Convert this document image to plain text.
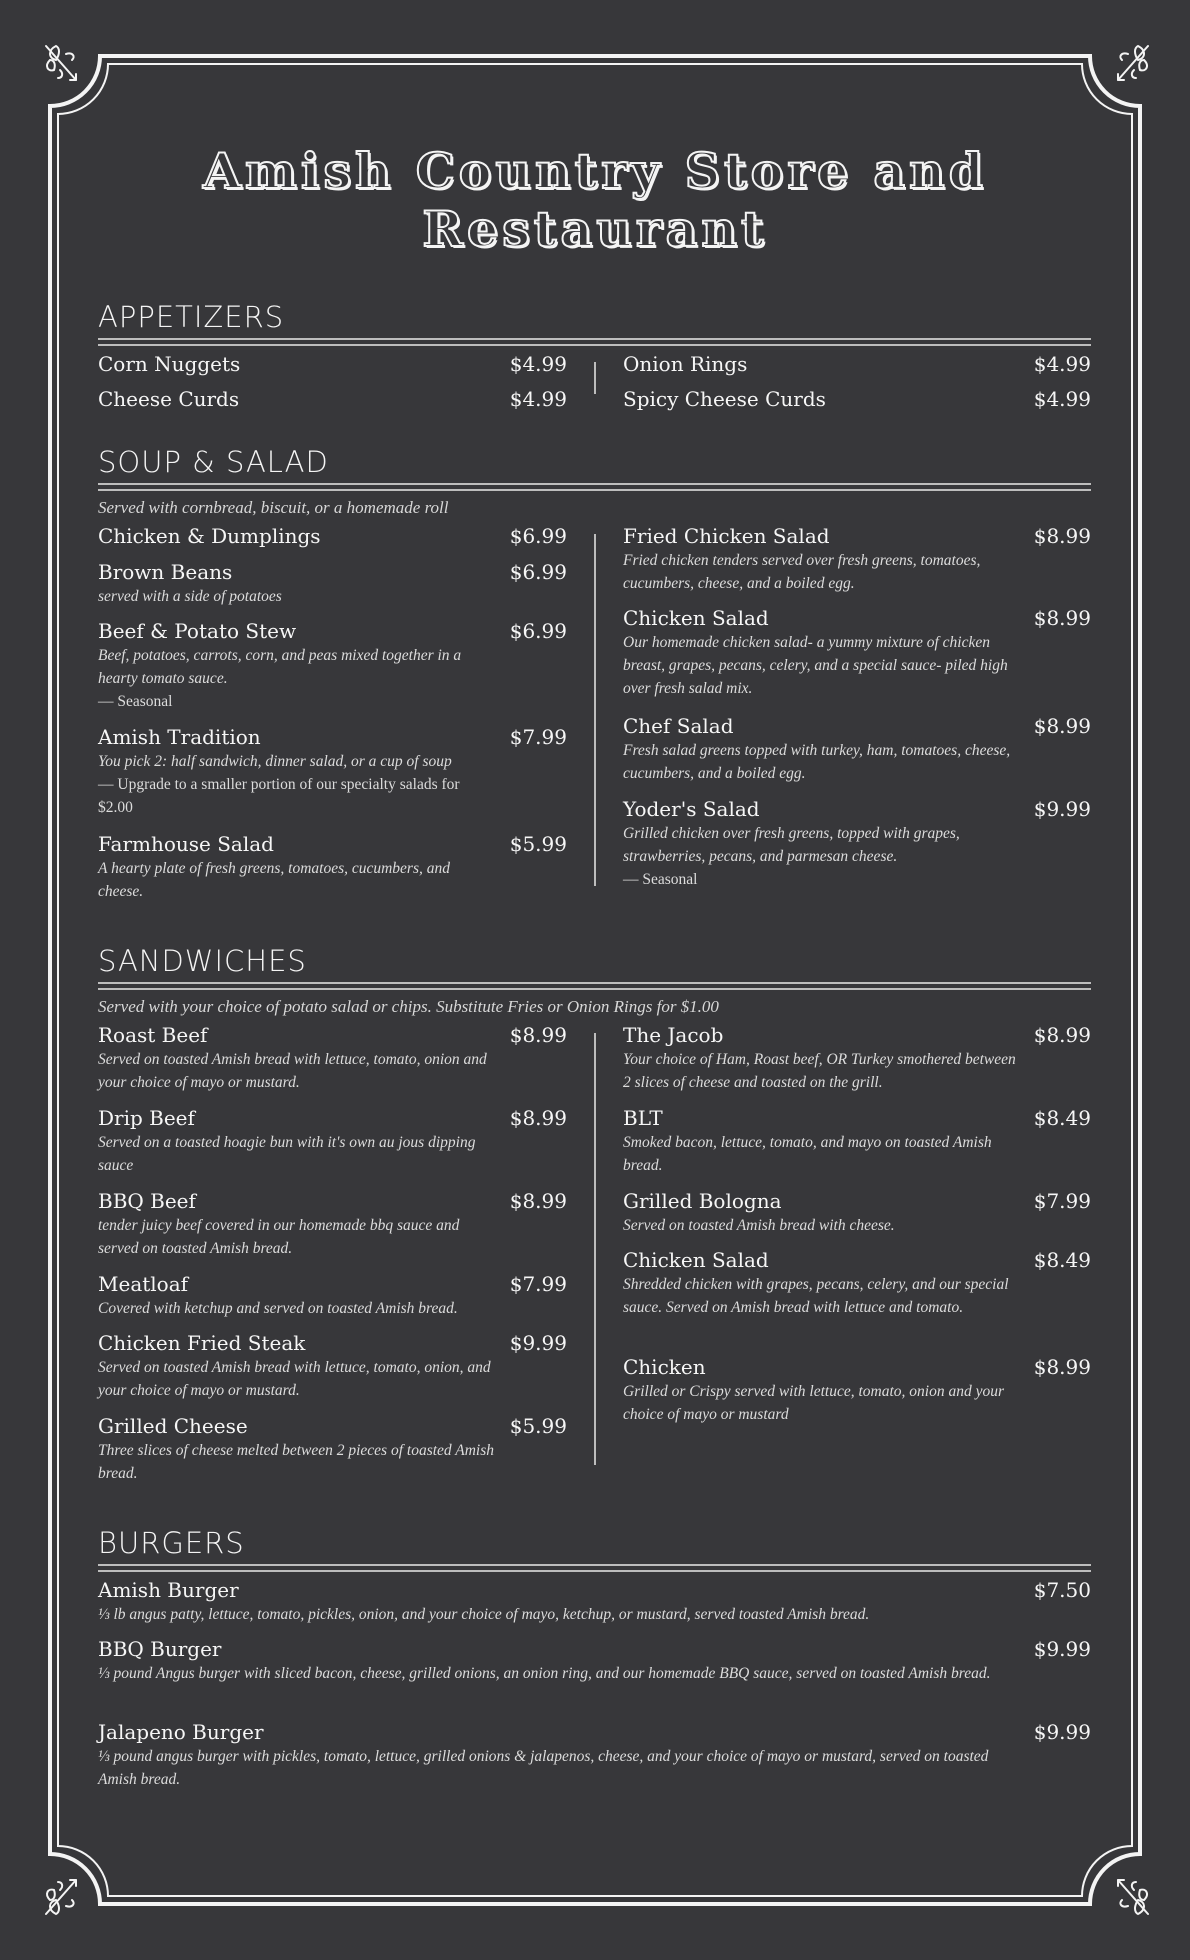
Amish Country Store and Restaurant
APPETIZERS
Corn Nuggets	$4.99
Cheese Curds	$4.99
Onion Rings	$4.99
Spicy Cheese Curds	$4.99
SOUP & SALAD
Served with cornbread, biscuit, or a homemade roll
Chicken & Dumplings	$6.99
Brown Beans	$6.99
served with a side of potatoes
Beef & Potato Stew	$6.99
Beef, potatoes, carrots, corn, and peas mixed together in a hearty tomato sauce.
— Seasonal
Amish Tradition	$7.99
You pick 2: half sandwich, dinner salad, or a cup of soup
— Upgrade to a smaller portion of our specialty salads for $2.00
Farmhouse Salad	$5.99
A hearty plate of fresh greens, tomatoes, cucumbers, and cheese.
Fried Chicken Salad	$8.99
Fried chicken tenders served over fresh greens, tomatoes, cucumbers, cheese, and a boiled egg.
Chicken Salad	$8.99
Our homemade chicken salad- a yummy mixture of chicken breast, grapes, pecans, celery, and a special sauce- piled high over fresh salad mix.
Chef Salad	$8.99
Fresh salad greens topped with turkey, ham, tomatoes, cheese, cucumbers, and a boiled egg.
Yoder's Salad	$9.99
Grilled chicken over fresh greens, topped with grapes, strawberries, pecans, and parmesan cheese.
— Seasonal
SANDWICHES
Served with your choice of potato salad or chips. Substitute Fries or Onion Rings for $1.00
Roast Beef	$8.99
Served on toasted Amish bread with lettuce, tomato, onion and your choice of mayo or mustard.
Drip Beef	$8.99
Served on a toasted hoagie bun with it's own au jous dipping sauce
BBQ Beef	$8.99
tender juicy beef covered in our homemade bbq sauce and served on toasted Amish bread.
Meatloaf	$7.99
Covered with ketchup and served on toasted Amish bread.
Chicken Fried Steak	$9.99
Served on toasted Amish bread with lettuce, tomato, onion, and your choice of mayo or mustard.
Grilled Cheese	$5.99
Three slices of cheese melted between 2 pieces of toasted Amish bread.
The Jacob	$8.99
Your choice of Ham, Roast beef, OR Turkey smothered between 2 slices of cheese and toasted on the grill.
BLT	$8.49
Smoked bacon, lettuce, tomato, and mayo on toasted Amish bread.
Grilled Bologna	$7.99
Served on toasted Amish bread with cheese.
Chicken Salad	$8.49
Shredded chicken with grapes, pecans, celery, and our special sauce. Served on Amish bread with lettuce and tomato.
Chicken	$8.99
Grilled or Crispy served with lettuce, tomato, onion and your choice of mayo or mustard
BURGERS
Amish Burger	$7.50
⅓ lb angus patty, lettuce, tomato, pickles, onion, and your choice of mayo, ketchup, or mustard, served toasted Amish bread.
BBQ Burger	$9.99
⅓ pound Angus burger with sliced bacon, cheese, grilled onions, an onion ring, and our homemade BBQ sauce, served on toasted Amish bread.
Jalapeno Burger	$9.99
⅓ pound angus burger with pickles, tomato, lettuce, grilled onions & jalapenos, cheese, and your choice of mayo or mustard, served on toasted Amish bread.
